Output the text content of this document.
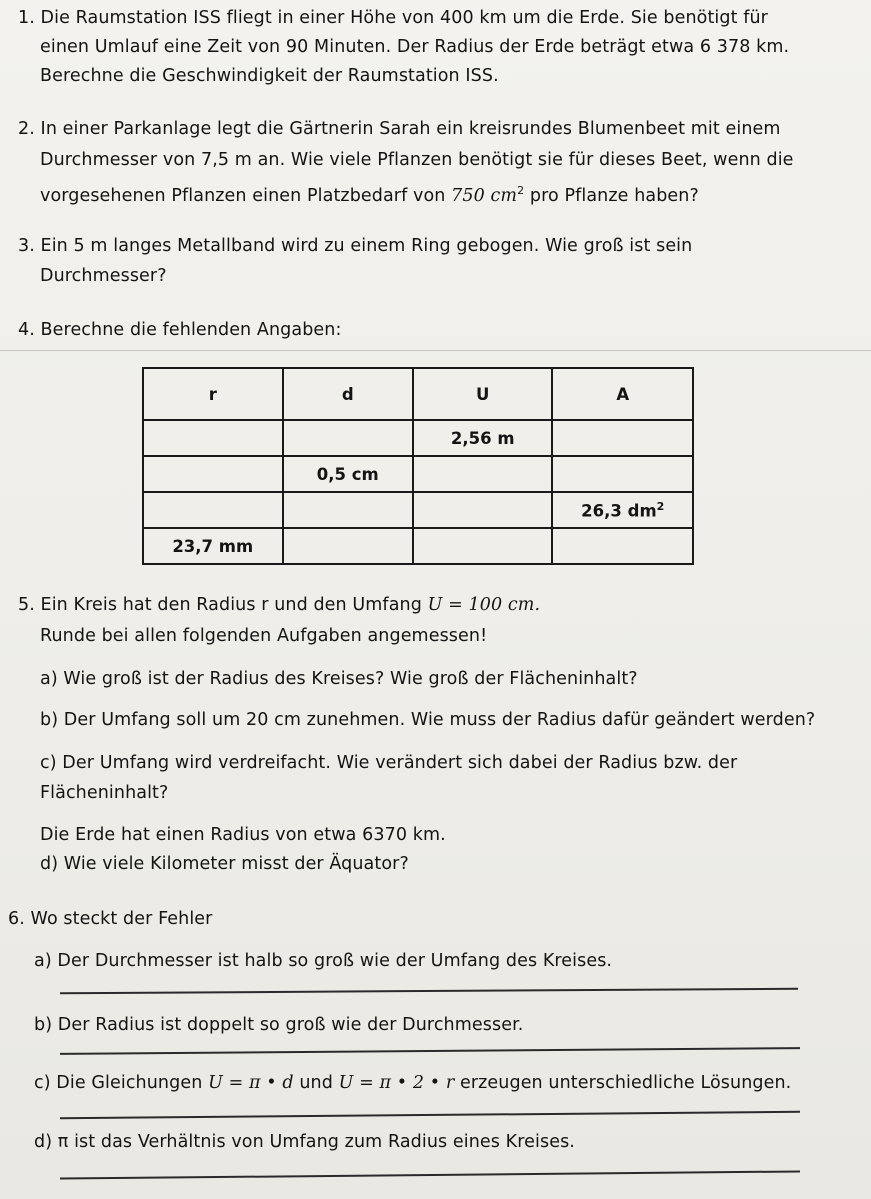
1. Die Raumstation ISS fliegt in einer Höhe von 400 km um die Erde. Sie benötigt für
einen Umlauf eine Zeit von 90 Minuten. Der Radius der Erde beträgt etwa 6 378 km.
Berechne die Geschwindigkeit der Raumstation ISS.
2. In einer Parkanlage legt die Gärtnerin Sarah ein kreisrundes Blumenbeet mit einem
Durchmesser von 7,5 m an. Wie viele Pflanzen benötigt sie für dieses Beet, wenn die
vorgesehenen Pflanzen einen Platzbedarf von 750 $cm^2$ pro Pflanze haben?
3. Ein 5 m langes Metallband wird zu einem Ring gebogen. Wie groß ist sein
Durchmesser?
4. Berechne die fehlenden Angaben:
r	d	U	A
		2,56 m	
	0,5 cm		
			26,3 $dm^2$
23,7 mm			
5. Ein Kreis hat den Radius r und den Umfang U = 100 cm.
Runde bei allen folgenden Aufgaben angemessen!
a) Wie groß ist der Radius des Kreises? Wie groß der Flächeninhalt?
b) Der Umfang soll um 20 cm zunehmen. Wie muss der Radius dafür geändert werden?
c) Der Umfang wird verdreifacht. Wie verändert sich dabei der Radius bzw. der
Flächeninhalt?
Die Erde hat einen Radius von etwa 6370 km.
d) Wie viele Kilometer misst der Äquator?
6. Wo steckt der Fehler
a) Der Durchmesser ist halb so groß wie der Umfang des Kreises.
b) Der Radius ist doppelt so groß wie der Durchmesser.
c) Die Gleichungen U = π • d und U = π • 2 • r erzeugen unterschiedliche Lösungen.
d) π ist das Verhältnis von Umfang zum Radius eines Kreises.
